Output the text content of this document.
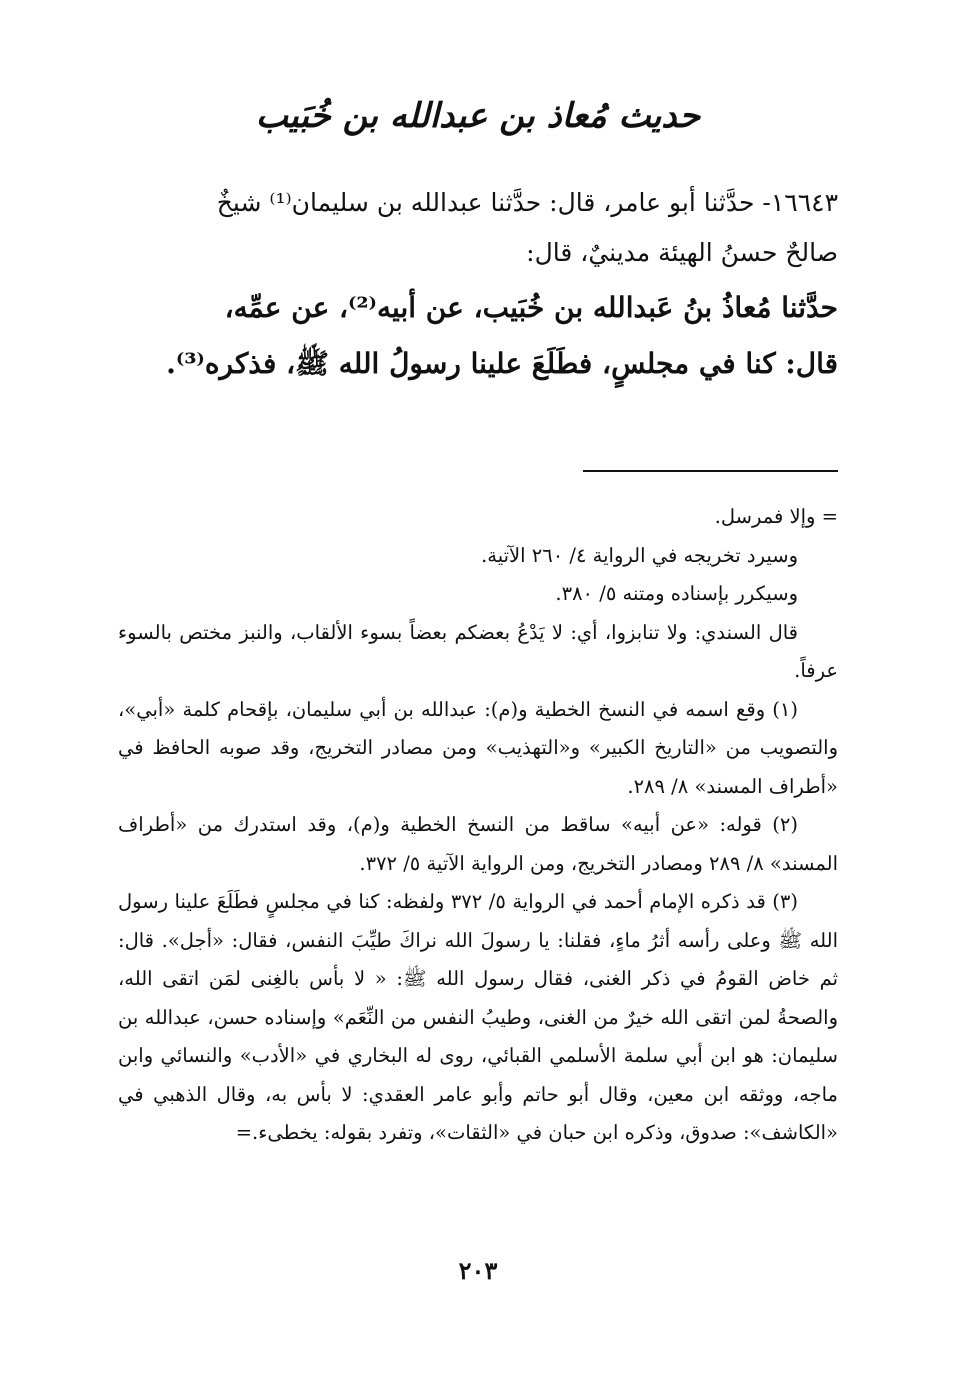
حديث مُعاذ بن عبدالله بن خُبَيب

١٦٦٤٣- حدَّثنا أبو عامر، قال: حدَّثنا عبدالله بن سليمان⁽¹⁾ شيخٌ

صالحٌ حسنُ الهيئة مدينيٌ، قال:

حدَّثنا مُعاذُ بنُ عَبدالله بن خُبَيب، عن أبيه⁽²⁾، عن عمِّه،

قال: كنا في مجلسٍ، فطَلَعَ علينا رسولُ الله ﷺ، فذكره⁽³⁾.

= وإلا فمرسل.

وسيرد تخريجه في الرواية ٤/ ٢٦٠ الآتية.

وسيكرر بإسناده ومتنه ٥/ ٣٨٠.

قال السندي: ولا تنابزوا، أي: لا يَدْعُ بعضكم بعضاً بسوء الألقاب، والنبز مختص بالسوء عرفاً.

(١) وقع اسمه في النسخ الخطية و(م): عبدالله بن أبي سليمان، بإقحام كلمة «أبي»، والتصويب من «التاريخ الكبير» و«التهذيب» ومن مصادر التخريج، وقد صوبه الحافظ في «أطراف المسند» ٨/ ٢٨٩.

(٢) قوله: «عن أبيه» ساقط من النسخ الخطية و(م)، وقد استدرك من «أطراف المسند» ٨/ ٢٨٩ ومصادر التخريج، ومن الرواية الآتية ٥/ ٣٧٢.

(٣) قد ذكره الإمام أحمد في الرواية ٥/ ٣٧٢ ولفظه: كنا في مجلسٍ فطَلَعَ علينا رسول الله ﷺ وعلى رأسه أثرُ ماءٍ، فقلنا: يا رسولَ الله نراكَ طيِّبَ النفس، فقال: «أجل». قال: ثم خاض القومُ في ذكر الغنى، فقال رسول الله ﷺ: « لا بأس بالغِنى لمَن اتقى الله، والصحةُ لمن اتقى الله خيرٌ من الغنى، وطيبُ النفس من النِّعَم» وإسناده حسن، عبدالله بن سليمان: هو ابن أبي سلمة الأسلمي القبائي، روى له البخاري في «الأدب» والنسائي وابن ماجه، ووثقه ابن معين، وقال أبو حاتم وأبو عامر العقدي: لا بأس به، وقال الذهبي في «الكاشف»: صدوق، وذكره ابن حبان في «الثقات»، وتفرد بقوله: يخطىء.=

٢٠٣
